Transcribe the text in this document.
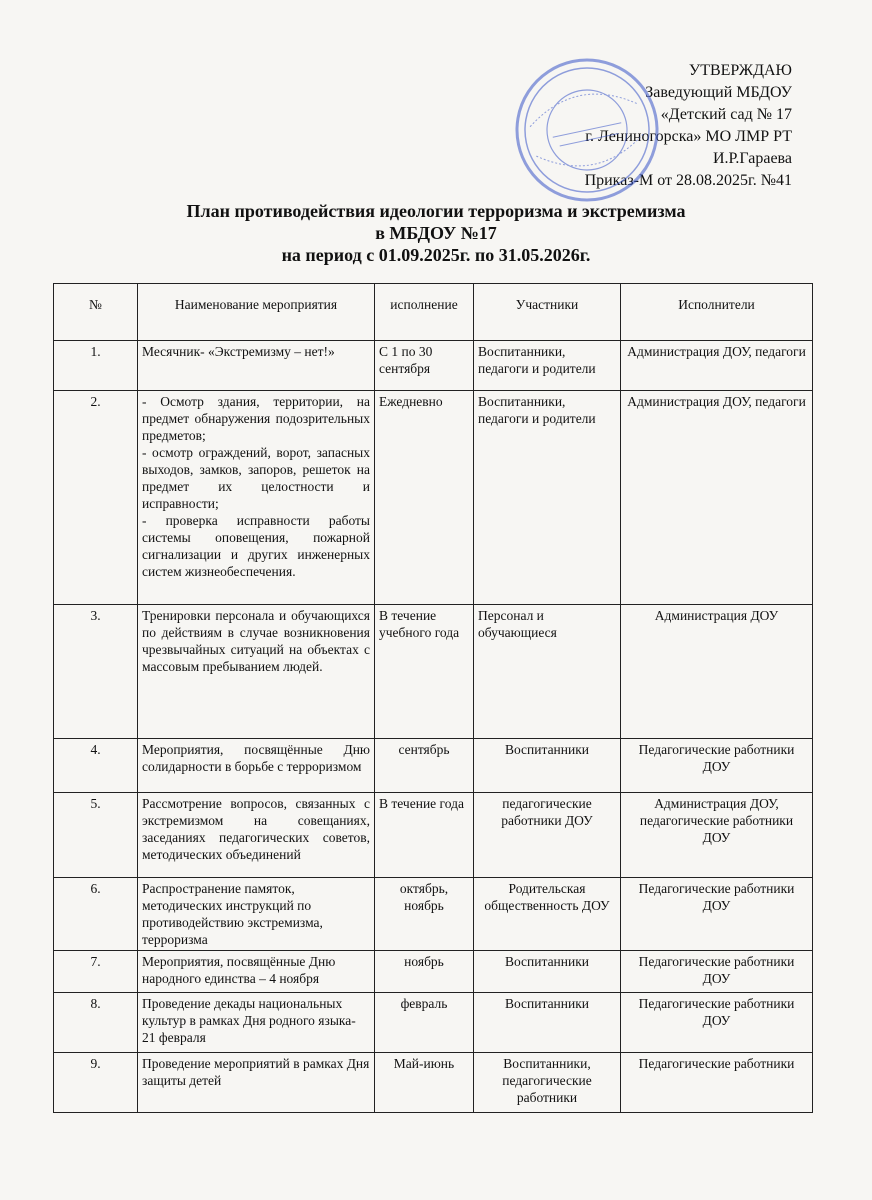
УТВЕРЖДАЮ
Заведующий МБДОУ
«Детский сад № 17
г. Лениногорска» МО ЛМР РТ
И.Р.Гараева
Приказ-М от 28.08.2025г. №41
План противодействия идеологии терроризма и экстремизма
в МБДОУ №17
на период с 01.09.2025г. по 31.05.2026г.
№	Наименование мероприятия	исполнение	Участники	Исполнители
1.	Месячник- «Экстремизму – нет!»	С 1 по 30 сентября	Воспитанники, педагоги и родители	Администрация ДОУ, педагоги
2.	- Осмотр здания, территории, на предмет обнаружения подозрительных предметов;
- осмотр ограждений, ворот, запасных выходов, замков, запоров, решеток на предмет их целостности и исправности;
- проверка исправности работы системы оповещения, пожарной сигнализации и других инженерных систем жизнеобеспечения.	Ежедневно	Воспитанники, педагоги и родители	Администрация ДОУ, педагоги
3.	Тренировки персонала и обучающихся по действиям в случае возникновения чрезвычайных ситуаций на объектах с массовым пребыванием людей.	В течение учебного года	Персонал и обучающиеся	Администрация ДОУ
4.	Мероприятия, посвящённые Дню солидарности в борьбе с терроризмом	сентябрь	Воспитанники	Педагогические работники ДОУ
5.	Рассмотрение вопросов, связанных с экстремизмом на совещаниях, заседаниях педагогических советов, методических объединений	В течение года	педагогические работники ДОУ	Администрация ДОУ, педагогические работники ДОУ
6.	Распространение памяток, методических инструкций по противодействию экстремизма, терроризма	октябрь, ноябрь	Родительская общественность ДОУ	Педагогические работники ДОУ
7.	Мероприятия, посвящённые Дню народного единства – 4 ноября	ноябрь	Воспитанники	Педагогические работники ДОУ
8.	Проведение декады национальных культур в рамках Дня родного языка- 21 февраля	февраль	Воспитанники	Педагогические работники ДОУ
9.	Проведение мероприятий в рамках Дня защиты детей	Май-июнь	Воспитанники, педагогические работники	Педагогические работники
